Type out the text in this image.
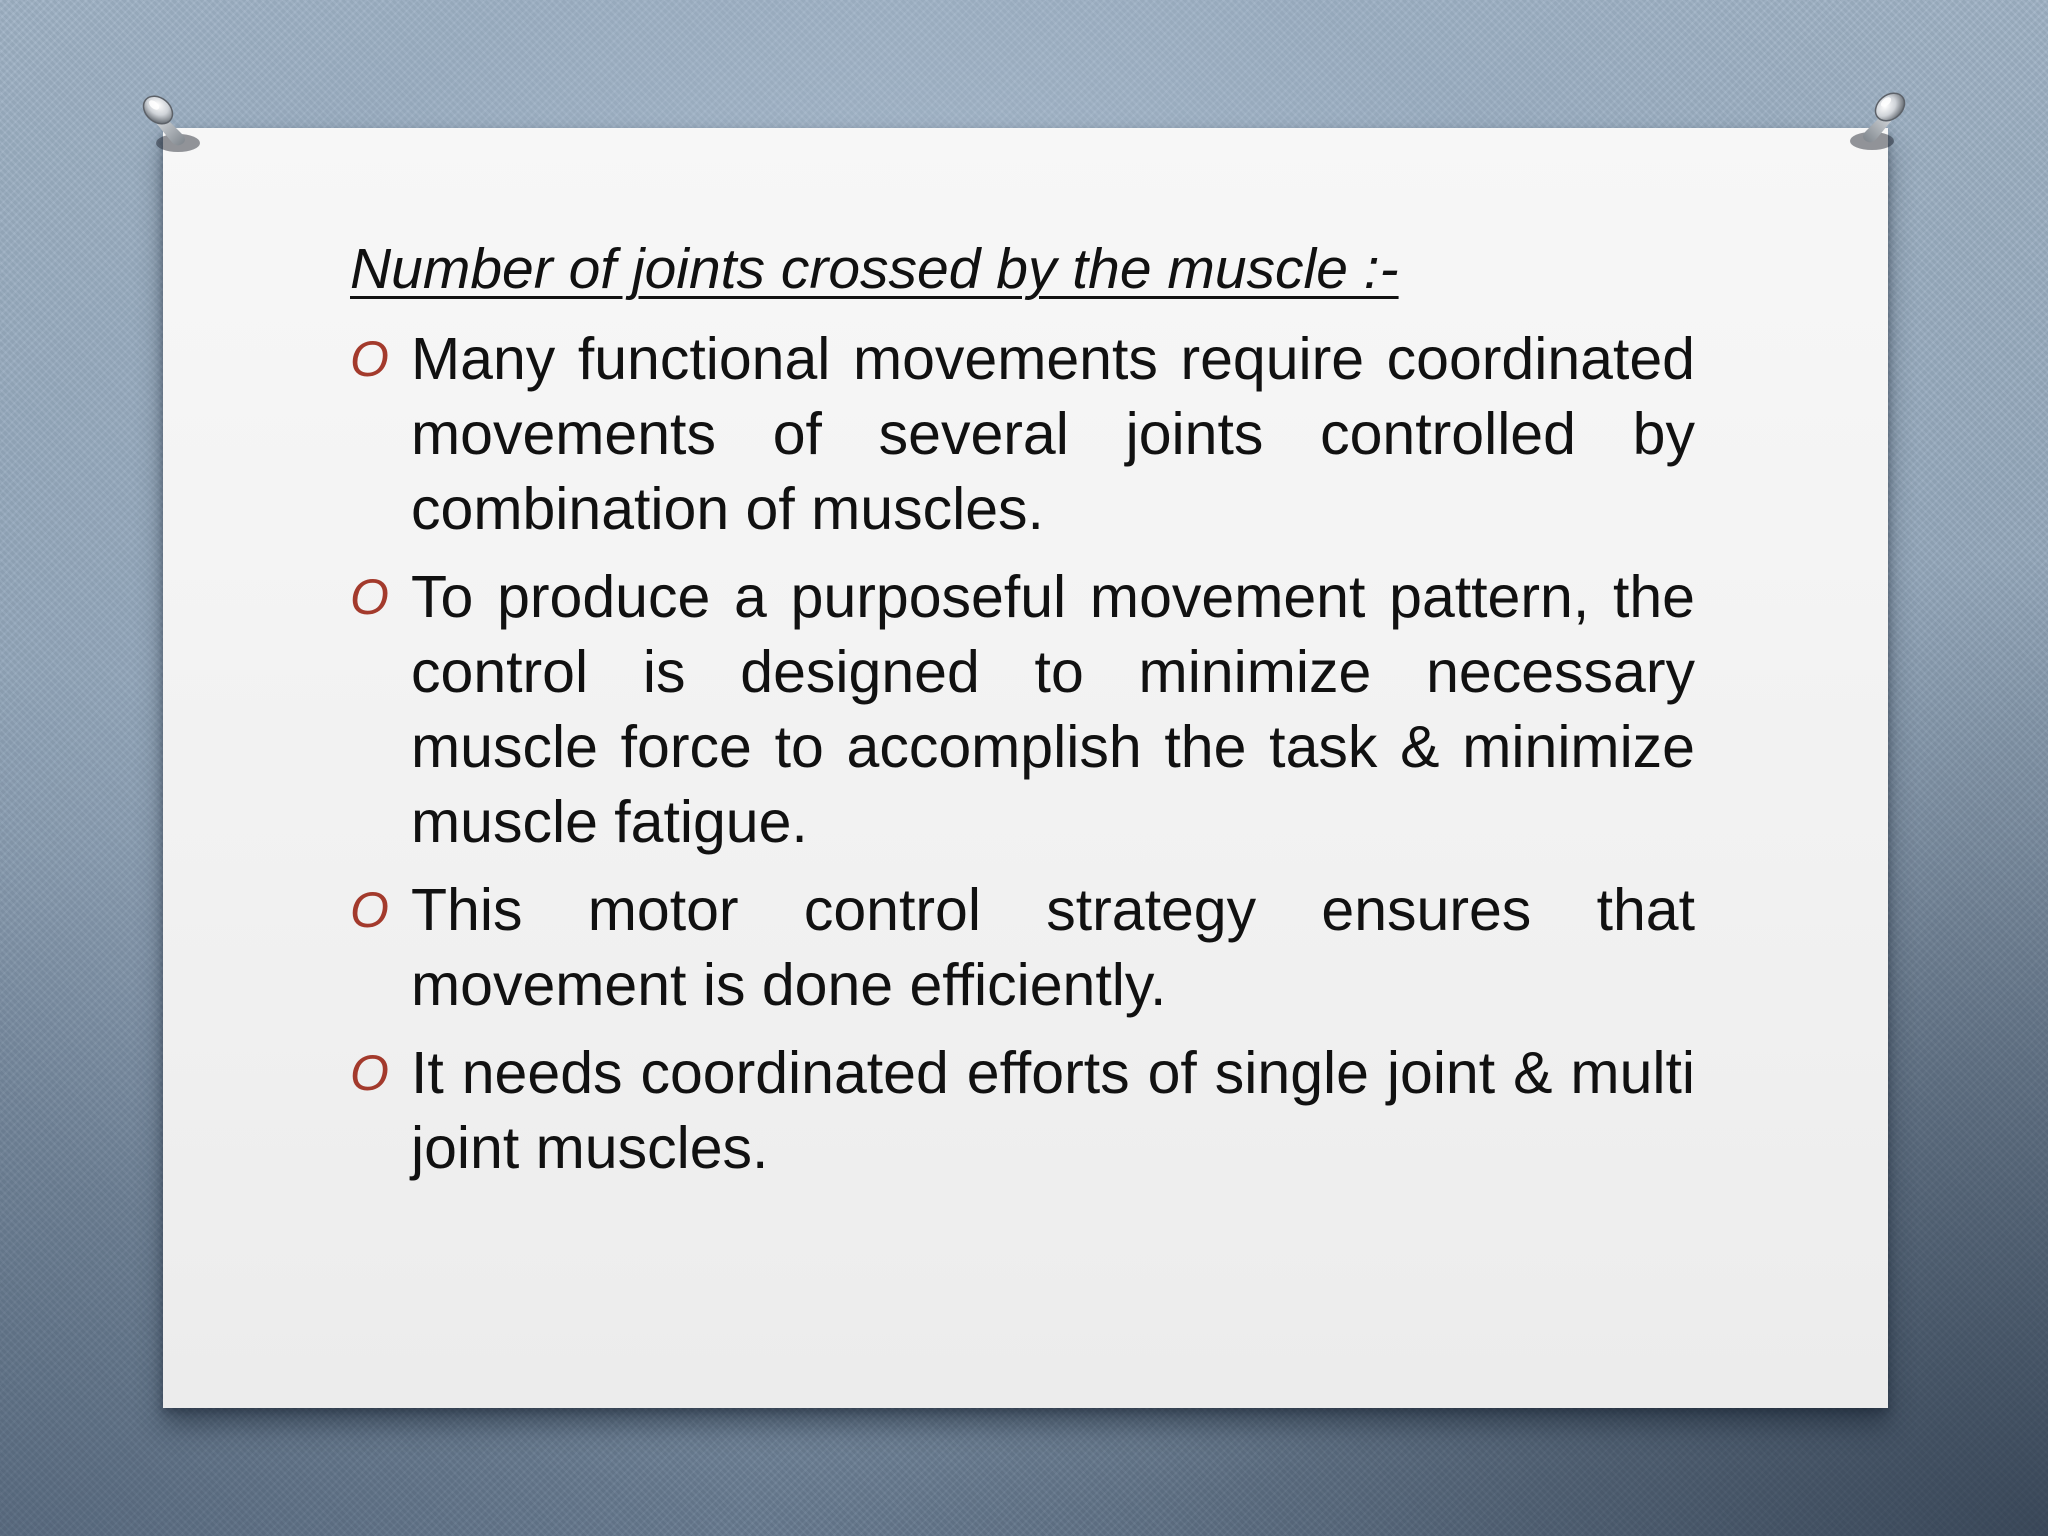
Number of joints crossed by the muscle :-
O Many functional movements require coordinated movements of several joints controlled by combination of muscles.
O To produce a purposeful movement pattern, the control is designed to minimize necessary muscle force to accomplish the task & minimize muscle fatigue.
O This motor control strategy ensures that movement is done efficiently.
O It needs coordinated efforts of single joint & multi joint muscles.
